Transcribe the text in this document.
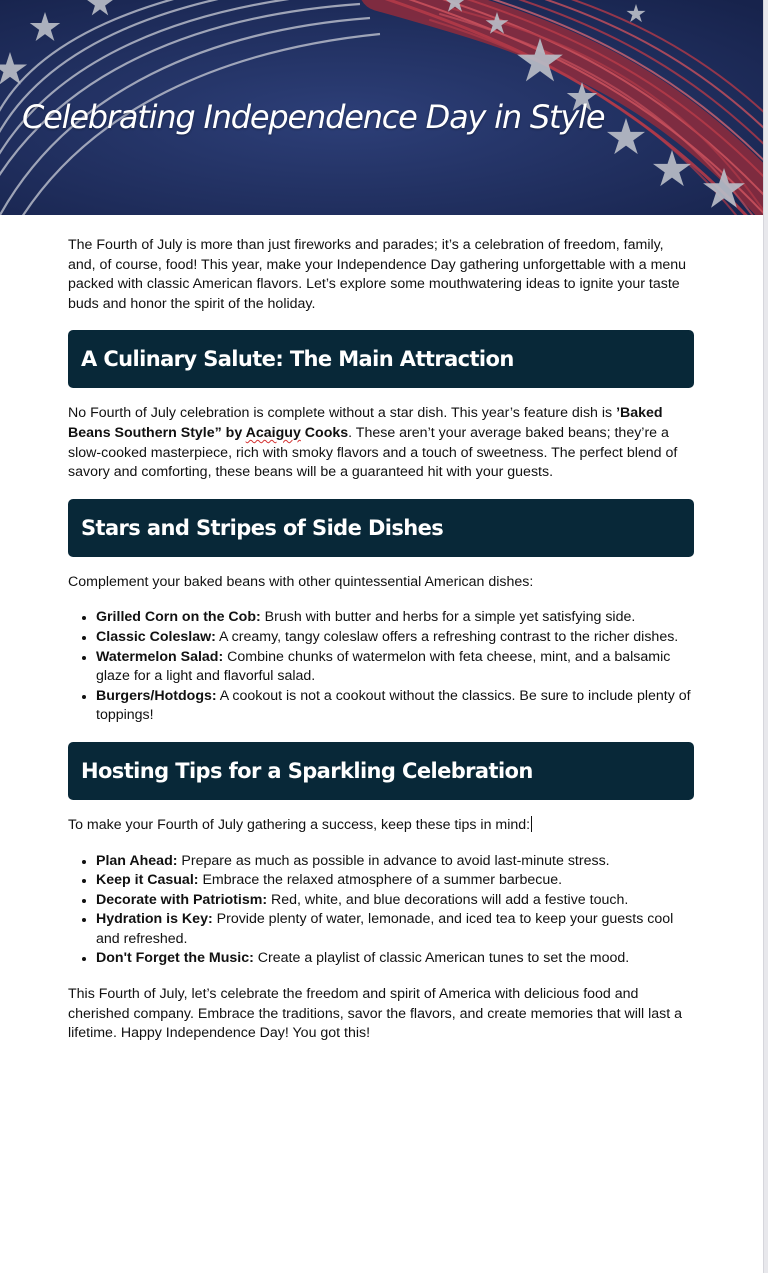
Celebrating Independence Day in Style

The Fourth of July is more than just fireworks and parades; it’s a celebration of freedom, family, and, of course, food! This year, make your Independence Day gathering unforgettable with a menu packed with classic American flavors. Let’s explore some mouthwatering ideas to ignite your taste buds and honor the spirit of the holiday.

A Culinary Salute: The Main Attraction

No Fourth of July celebration is complete without a star dish. This year’s feature dish is ’Baked Beans Southern Style” by Acaiguy Cooks. These aren’t your average baked beans; they’re a slow-cooked masterpiece, rich with smoky flavors and a touch of sweetness. The perfect blend of savory and comforting, these beans will be a guaranteed hit with your guests.

Stars and Stripes of Side Dishes

Complement your baked beans with other quintessential American dishes:

• Grilled Corn on the Cob: Brush with butter and herbs for a simple yet satisfying side.
• Classic Coleslaw: A creamy, tangy coleslaw offers a refreshing contrast to the richer dishes.
• Watermelon Salad: Combine chunks of watermelon with feta cheese, mint, and a balsamic glaze for a light and flavorful salad.
• Burgers/Hotdogs: A cookout is not a cookout without the classics. Be sure to include plenty of toppings!
Hosting Tips for a Sparkling Celebration

To make your Fourth of July gathering a success, keep these tips in mind:

• Plan Ahead: Prepare as much as possible in advance to avoid last-minute stress.
• Keep it Casual: Embrace the relaxed atmosphere of a summer barbecue.
• Decorate with Patriotism: Red, white, and blue decorations will add a festive touch.
• Hydration is Key: Provide plenty of water, lemonade, and iced tea to keep your guests cool and refreshed.
• Don't Forget the Music: Create a playlist of classic American tunes to set the mood.

This Fourth of July, let’s celebrate the freedom and spirit of America with delicious food and cherished company. Embrace the traditions, savor the flavors, and create memories that will last a lifetime. Happy Independence Day! You got this!
